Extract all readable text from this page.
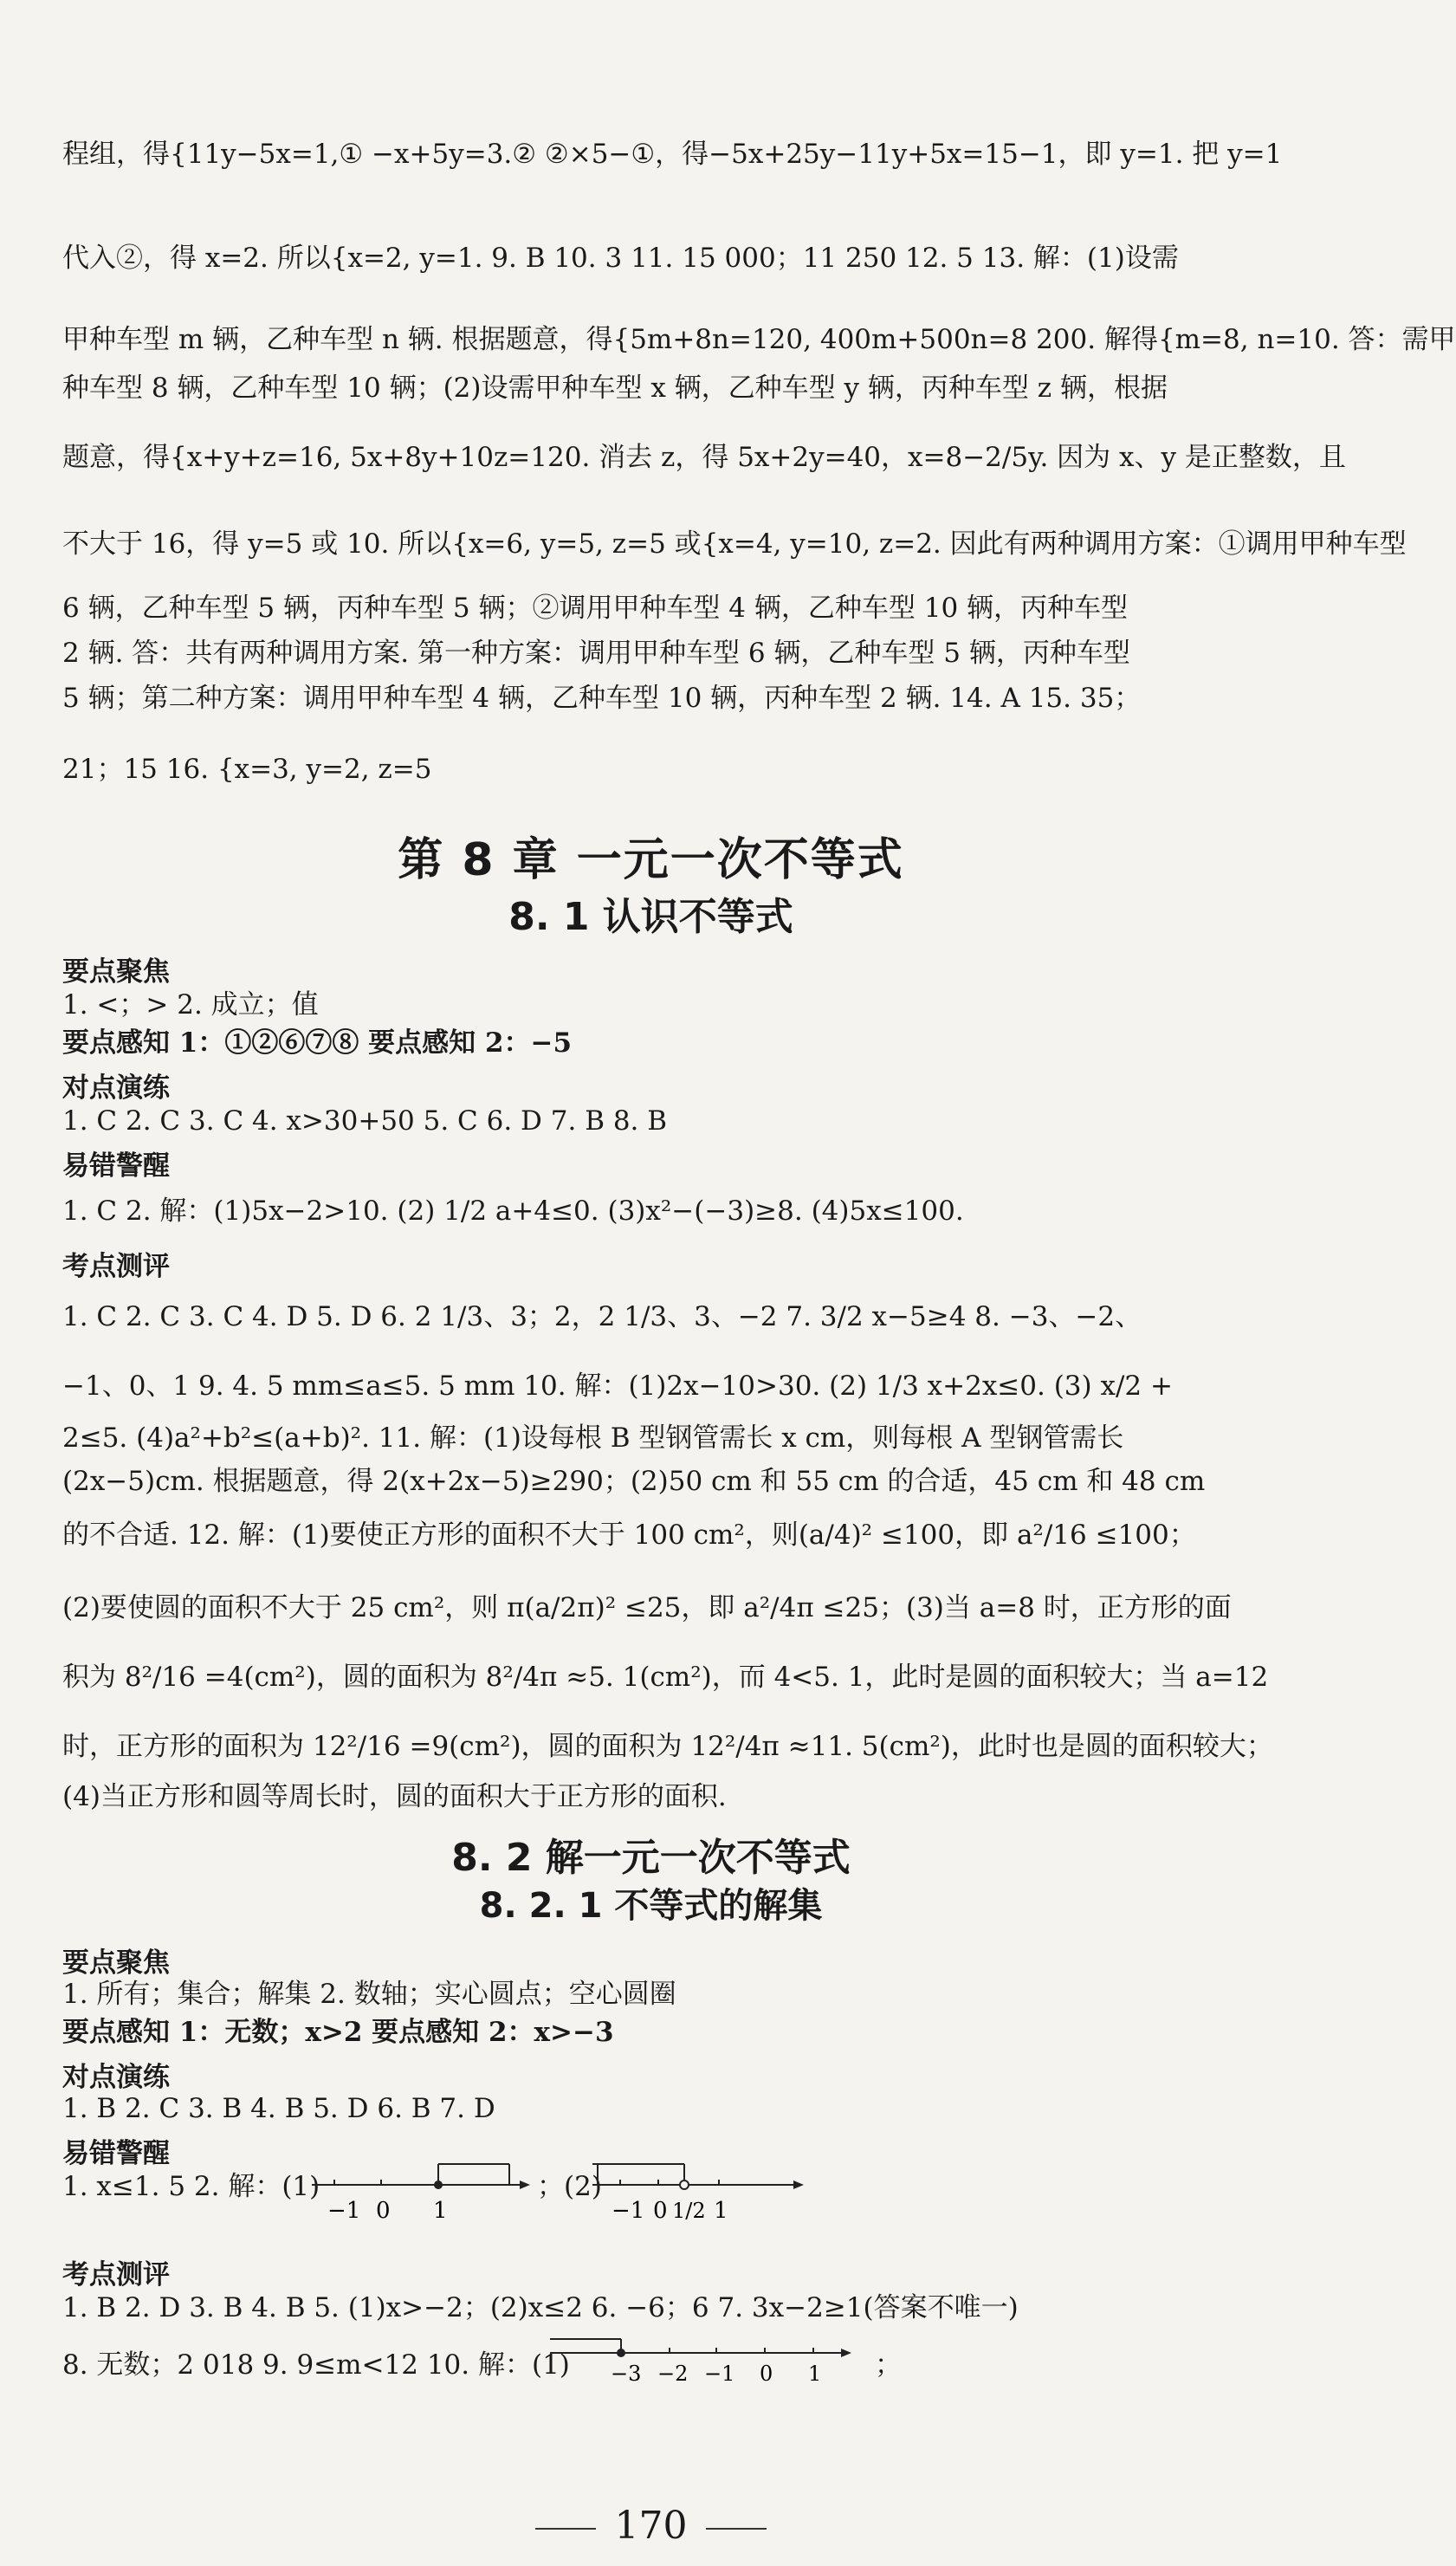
程组，得{11y−5x=1,① −x+5y=3.② ②×5−①，得−5x+25y−11y+5x=15−1，即 y=1. 把 y=1
代入②，得 x=2. 所以{x=2, y=1. 9. B 10. 3 11. 15 000；11 250 12. 5 13. 解：(1)设需
甲种车型 m 辆，乙种车型 n 辆. 根据题意，得{5m+8n=120, 400m+500n=8 200. 解得{m=8, n=10. 答：需甲
种车型 8 辆，乙种车型 10 辆；(2)设需甲种车型 x 辆，乙种车型 y 辆，丙种车型 z 辆，根据
题意，得{x+y+z=16, 5x+8y+10z=120. 消去 z，得 5x+2y=40，x=8−2/5y. 因为 x、y 是正整数，且
不大于 16，得 y=5 或 10. 所以{x=6, y=5, z=5 或{x=4, y=10, z=2. 因此有两种调用方案：①调用甲种车型
6 辆，乙种车型 5 辆，丙种车型 5 辆；②调用甲种车型 4 辆，乙种车型 10 辆，丙种车型
2 辆. 答：共有两种调用方案. 第一种方案：调用甲种车型 6 辆，乙种车型 5 辆，丙种车型
5 辆；第二种方案：调用甲种车型 4 辆，乙种车型 10 辆，丙种车型 2 辆. 14. A 15. 35；
21；15 16. {x=3, y=2, z=5
第 8 章 一元一次不等式
8. 1 认识不等式
要点聚焦
1. <；> 2. 成立；值
要点感知 1：①②⑥⑦⑧ 要点感知 2：−5
对点演练
1. C 2. C 3. C 4. x>30+50 5. C 6. D 7. B 8. B
易错警醒
1. C 2. 解：(1)5x−2>10. (2) 1/2 a+4≤0. (3)x²−(−3)≥8. (4)5x≤100.
考点测评
1. C 2. C 3. C 4. D 5. D 6. 2 1/3、3；2，2 1/3、3、−2 7. 3/2 x−5≥4 8. −3、−2、
−1、0、1 9. 4. 5 mm≤a≤5. 5 mm 10. 解：(1)2x−10>30. (2) 1/3 x+2x≤0. (3) x/2 +
2≤5. (4)a²+b²≤(a+b)². 11. 解：(1)设每根 B 型钢管需长 x cm，则每根 A 型钢管需长
(2x−5)cm. 根据题意，得 2(x+2x−5)≥290；(2)50 cm 和 55 cm 的合适，45 cm 和 48 cm
的不合适. 12. 解：(1)要使正方形的面积不大于 100 cm²，则(a/4)² ≤100，即 a²/16 ≤100；
(2)要使圆的面积不大于 25 cm²，则 π(a/2π)² ≤25，即 a²/4π ≤25；(3)当 a=8 时，正方形的面
积为 8²/16 =4(cm²)，圆的面积为 8²/4π ≈5. 1(cm²)，而 4<5. 1，此时是圆的面积较大；当 a=12
时，正方形的面积为 12²/16 =9(cm²)，圆的面积为 12²/4π ≈11. 5(cm²)，此时也是圆的面积较大；
(4)当正方形和圆等周长时，圆的面积大于正方形的面积.
8. 2 解一元一次不等式
8. 2. 1 不等式的解集
要点聚焦
1. 所有；集合；解集 2. 数轴；实心圆点；空心圆圈
要点感知 1：无数；x>2 要点感知 2：x>−3
对点演练
1. B 2. C 3. B 4. B 5. D 6. B 7. D
易错警醒
1. x≤1. 5 2. 解：(1)
−1 0 1
；(2)
−1 0 1/2 1
考点测评
1. B 2. D 3. B 4. B 5. (1)x>−2；(2)x≤2 6. −6；6 7. 3x−2≥1(答案不唯一)
8. 无数；2 018 9. 9≤m<12 10. 解：(1) −3 −2 −1 0 1 ；
170
